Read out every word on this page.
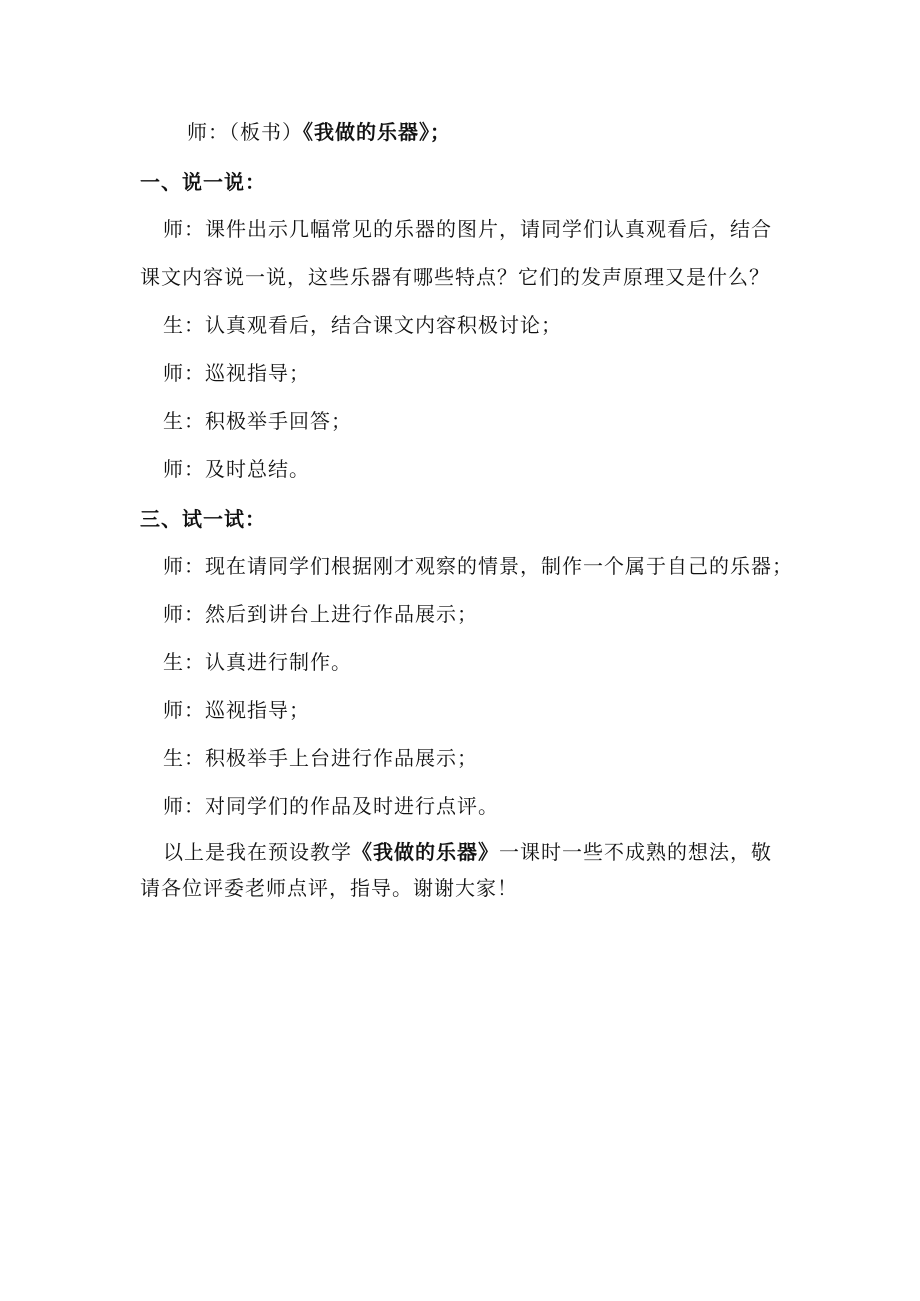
师：（板书）《我做的乐器》；
一、说一说：
师：课件出示几幅常见的乐器的图片，请同学们认真观看后，结合
课文内容说一说，这些乐器有哪些特点？它们的发声原理又是什么？
生：认真观看后，结合课文内容积极讨论；
师：巡视指导；
生：积极举手回答；
师：及时总结。
三、试一试：
师：现在请同学们根据刚才观察的情景，制作一个属于自己的乐器；
师：然后到讲台上进行作品展示；
生：认真进行制作。
师：巡视指导；
生：积极举手上台进行作品展示；
师：对同学们的作品及时进行点评。
以上是我在预设教学《我做的乐器》一课时一些不成熟的想法，敬
请各位评委老师点评，指导。谢谢大家！
